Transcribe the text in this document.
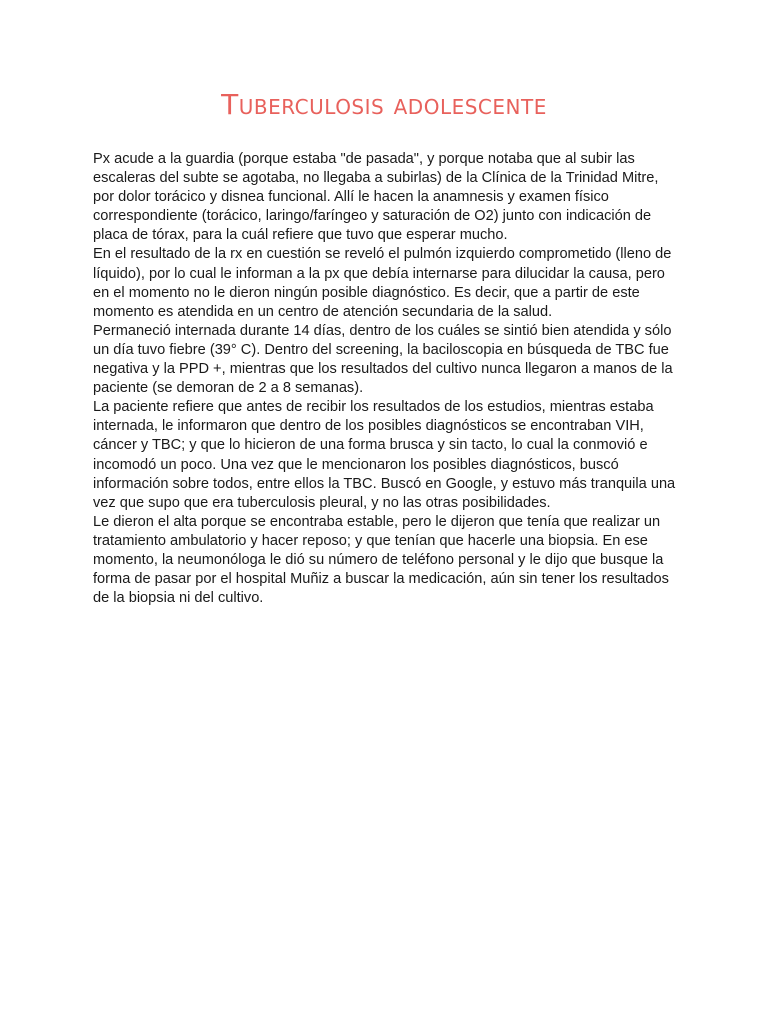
Tuberculosis adolescente

Px acude a la guardia (porque estaba "de pasada", y porque notaba que al subir las escaleras del subte se agotaba, no llegaba a subirlas) de la Clínica de la Trinidad Mitre, por dolor torácico y disnea funcional. Allí le hacen la anamnesis y examen físico correspondiente (torácico, laringo/faríngeo y saturación de O2) junto con indicación de placa de tórax, para la cuál refiere que tuvo que esperar mucho.

En el resultado de la rx en cuestión se reveló el pulmón izquierdo comprometido (lleno de líquido), por lo cual le informan a la px que debía internarse para dilucidar la causa, pero en el momento no le dieron ningún posible diagnóstico. Es decir, que a partir de este momento es atendida en un centro de atención secundaria de la salud.

Permaneció internada durante 14 días, dentro de los cuáles se sintió bien atendida y sólo un día tuvo fiebre (39° C). Dentro del screening, la baciloscopia en búsqueda de TBC fue negativa y la PPD +, mientras que los resultados del cultivo nunca llegaron a manos de la paciente (se demoran de 2 a 8 semanas).

La paciente refiere que antes de recibir los resultados de los estudios, mientras estaba internada, le informaron que dentro de los posibles diagnósticos se encontraban VIH, cáncer y TBC; y que lo hicieron de una forma brusca y sin tacto, lo cual la conmovió e incomodó un poco. Una vez que le mencionaron los posibles diagnósticos, buscó información sobre todos, entre ellos la TBC. Buscó en Google, y estuvo más tranquila una vez que supo que era tuberculosis pleural, y no las otras posibilidades.

Le dieron el alta porque se encontraba estable, pero le dijeron que tenía que realizar un tratamiento ambulatorio y hacer reposo; y que tenían que hacerle una biopsia. En ese momento, la neumonóloga le dió su número de teléfono personal y le dijo que busque la forma de pasar por el hospital Muñiz a buscar la medicación, aún sin tener los resultados de la biopsia ni del cultivo.
